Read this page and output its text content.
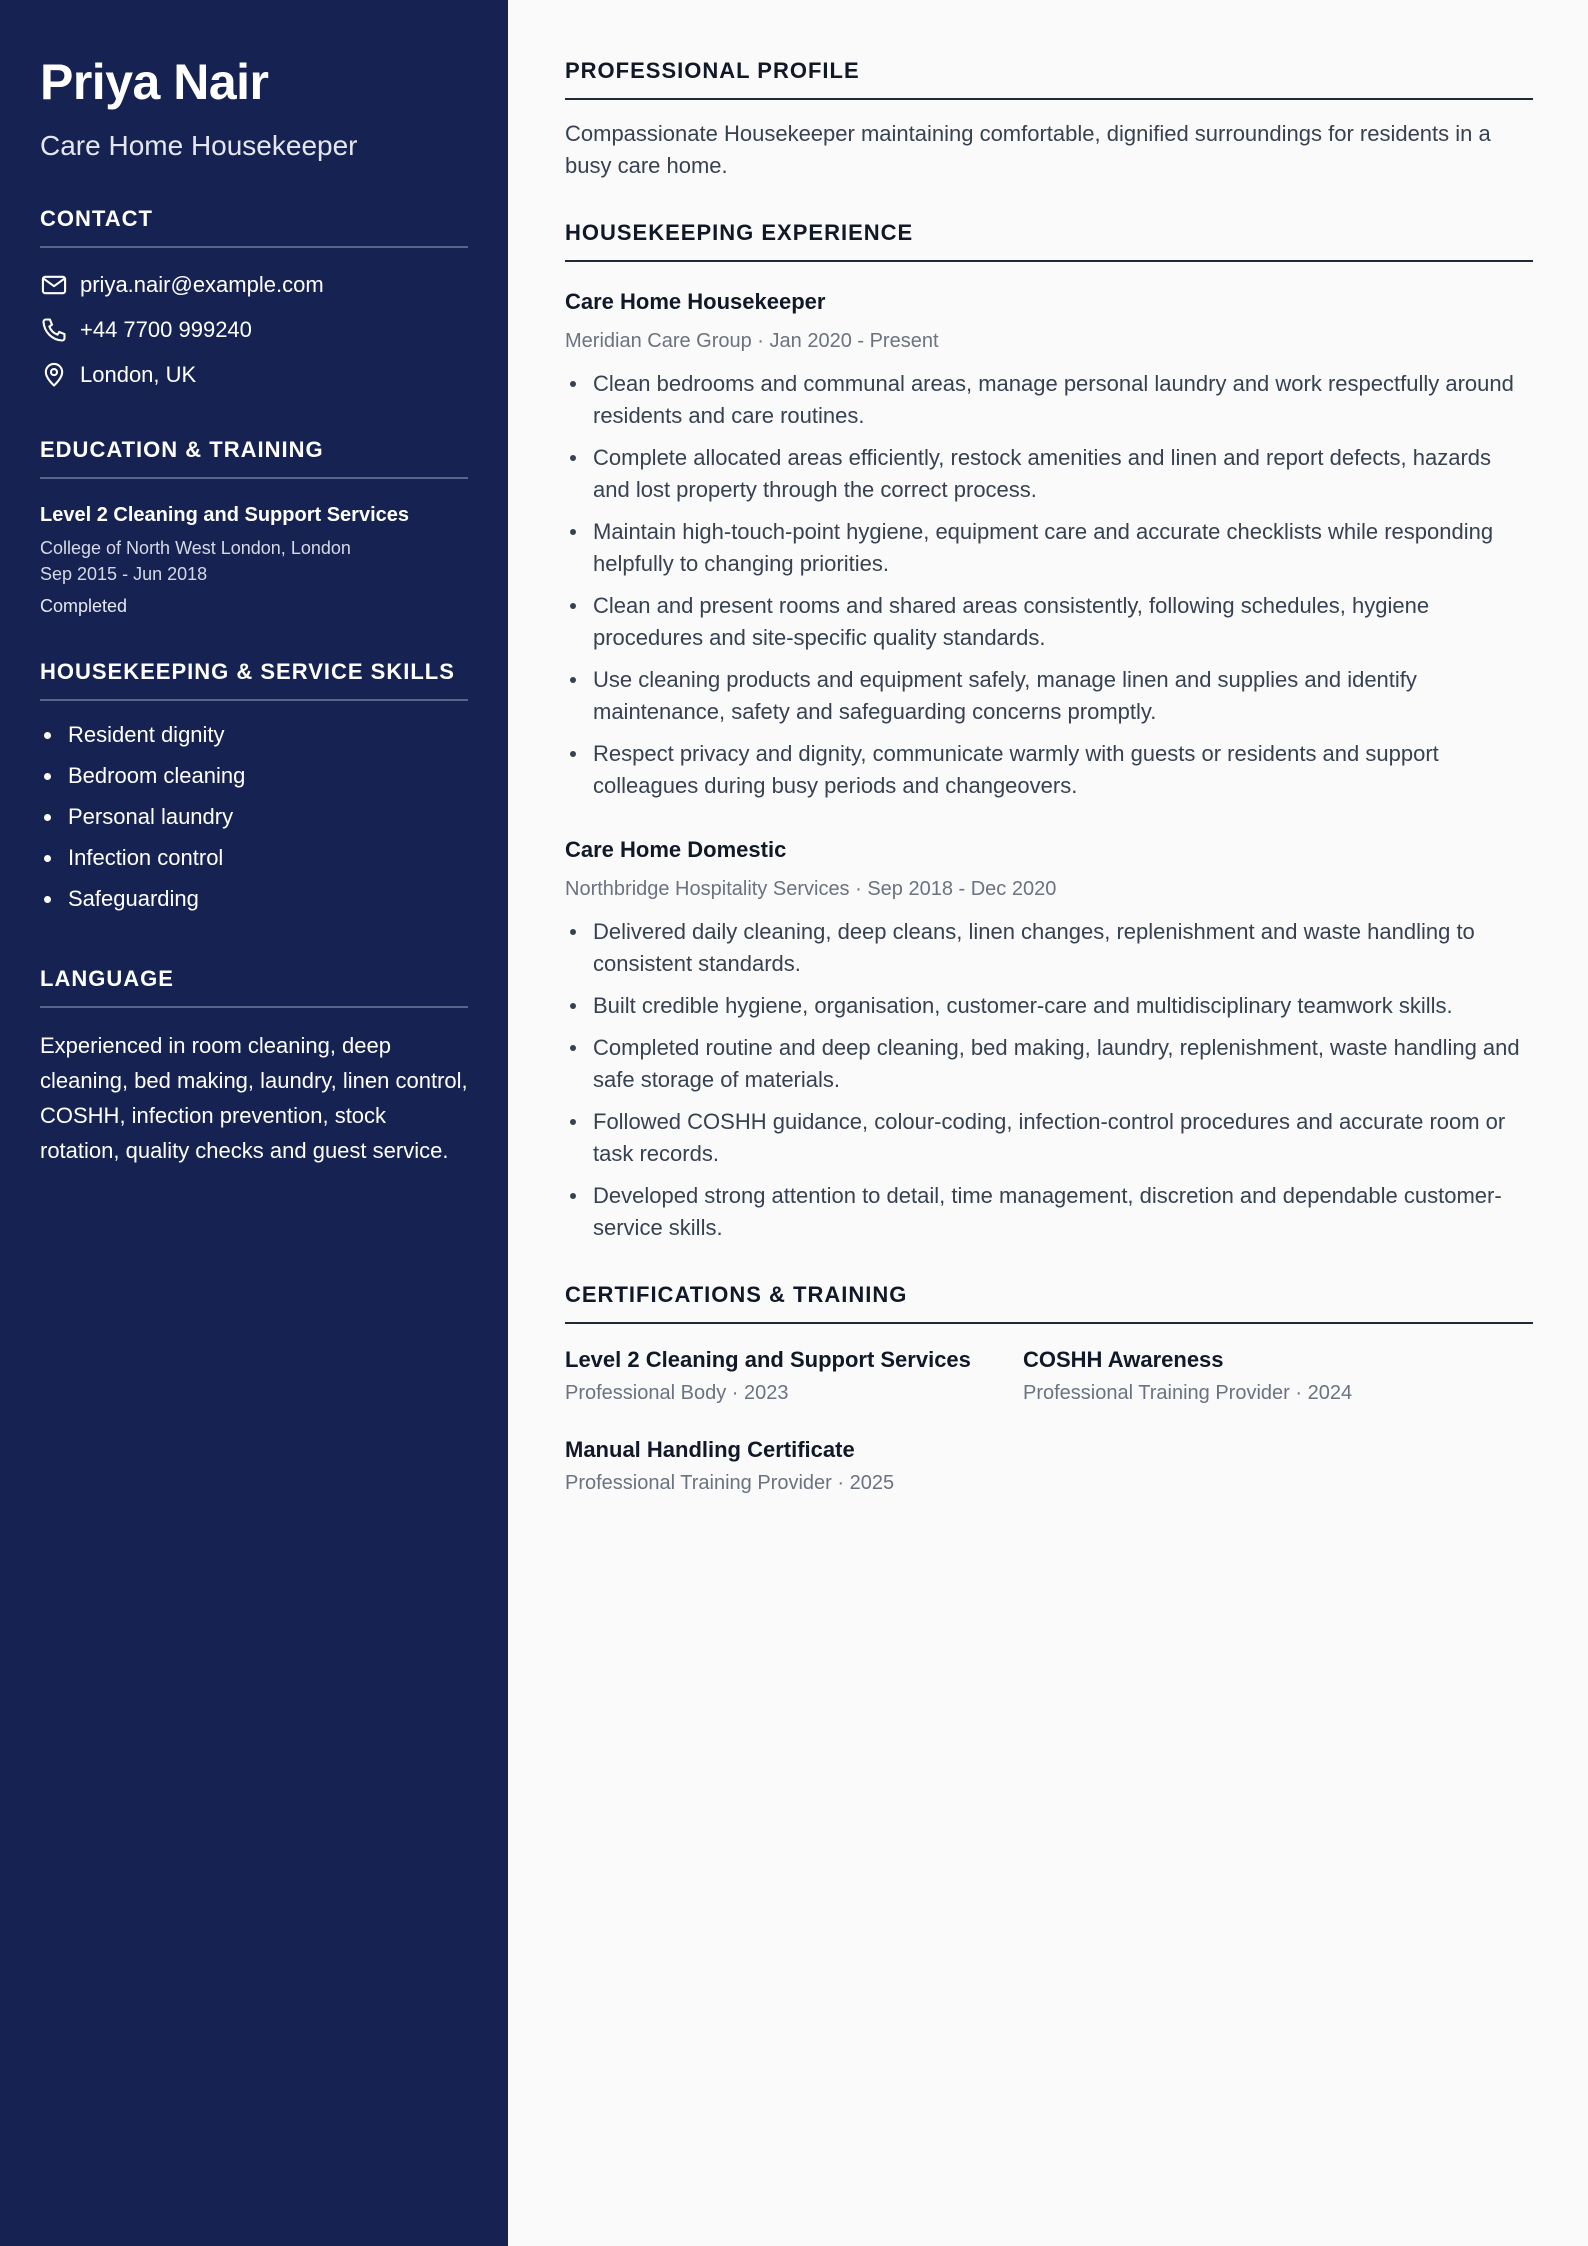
Priya Nair
Care Home Housekeeper
CONTACT
priya.nair@example.com
+44 7700 999240
London, UK
EDUCATION & TRAINING
Level 2 Cleaning and Support Services
College of North West London, London
Sep 2015 - Jun 2018
Completed
HOUSEKEEPING & SERVICE SKILLS
Resident dignity
Bedroom cleaning
Personal laundry
Infection control
Safeguarding
LANGUAGE

Experienced in room cleaning, deep cleaning, bed making, laundry, linen control, COSHH, infection prevention, stock rotation, quality checks and guest service.

PROFESSIONAL PROFILE

Compassionate Housekeeper maintaining comfortable, dignified surroundings for residents in a busy care home.

HOUSEKEEPING EXPERIENCE
Care Home Housekeeper
Meridian Care Group · Jan 2020 - Present
Clean bedrooms and communal areas, manage personal laundry and work respectfully around residents and care routines.
Complete allocated areas efficiently, restock amenities and linen and report defects, hazards and lost property through the correct process.
Maintain high-touch-point hygiene, equipment care and accurate checklists while responding helpfully to changing priorities.
Clean and present rooms and shared areas consistently, following schedules, hygiene procedures and site-specific quality standards.
Use cleaning products and equipment safely, manage linen and supplies and identify maintenance, safety and safeguarding concerns promptly.
Respect privacy and dignity, communicate warmly with guests or residents and support colleagues during busy periods and changeovers.
Care Home Domestic
Northbridge Hospitality Services · Sep 2018 - Dec 2020
Delivered daily cleaning, deep cleans, linen changes, replenishment and waste handling to consistent standards.
Built credible hygiene, organisation, customer-care and multidisciplinary teamwork skills.
Completed routine and deep cleaning, bed making, laundry, replenishment, waste handling and safe storage of materials.
Followed COSHH guidance, colour-coding, infection-control procedures and accurate room or task records.
Developed strong attention to detail, time management, discretion and dependable customer-service skills.
CERTIFICATIONS & TRAINING
Level 2 Cleaning and Support Services
Professional Body · 2023
COSHH Awareness
Professional Training Provider · 2024
Manual Handling Certificate
Professional Training Provider · 2025
